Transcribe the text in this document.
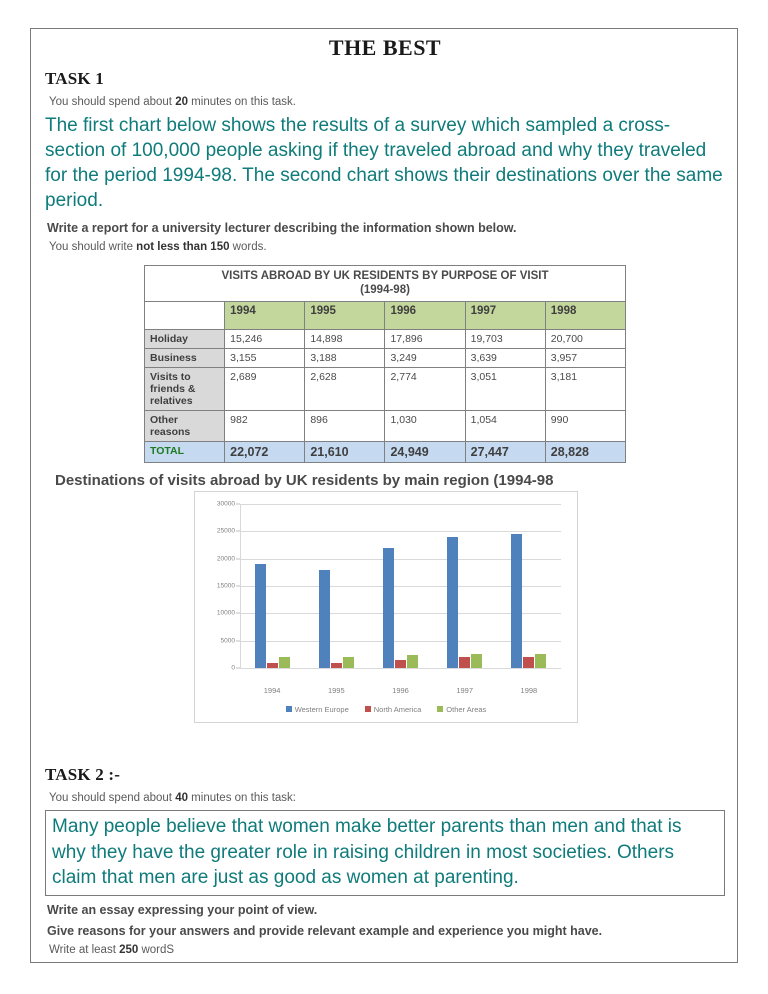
THE BEST
TASK 1
You should spend about 20 minutes on this task.
The first chart below shows the results of a survey which sampled a cross-section of 100,000 people asking if they traveled abroad and why they traveled for the period 1994-98. The second chart shows their destinations over the same period.
Write a report for a university lecturer describing the information shown below.
You should write not less than 150 words.
VISITS ABROAD BY UK RESIDENTS BY PURPOSE OF VISIT
(1994-98)					
	1994	1995	1996	1997	1998
Holiday	15,246	14,898	17,896	19,703	20,700
Business	3,155	3,188	3,249	3,639	3,957
Visits to friends & relatives	2,689	2,628	2,774	3,051	3,181
Other reasons	982	896	1,030	1,054	990
TOTAL	22,072	21,610	24,949	27,447	28,828
Destinations of visits abroad by UK residents by main region (1994-98
0
5000
10000
15000
20000
25000
30000
1994	1995	1996	1997	1998
Western Europe	North America	Other Areas
TASK 2 :-
You should spend about 40 minutes on this task:
Many people believe that women make better parents than men and that is why they have the greater role in raising children in most societies. Others claim that men are just as good as women at parenting.
Write an essay expressing your point of view.
Give reasons for your answers and provide relevant example and experience you might have.
Write at least 250 wordS
